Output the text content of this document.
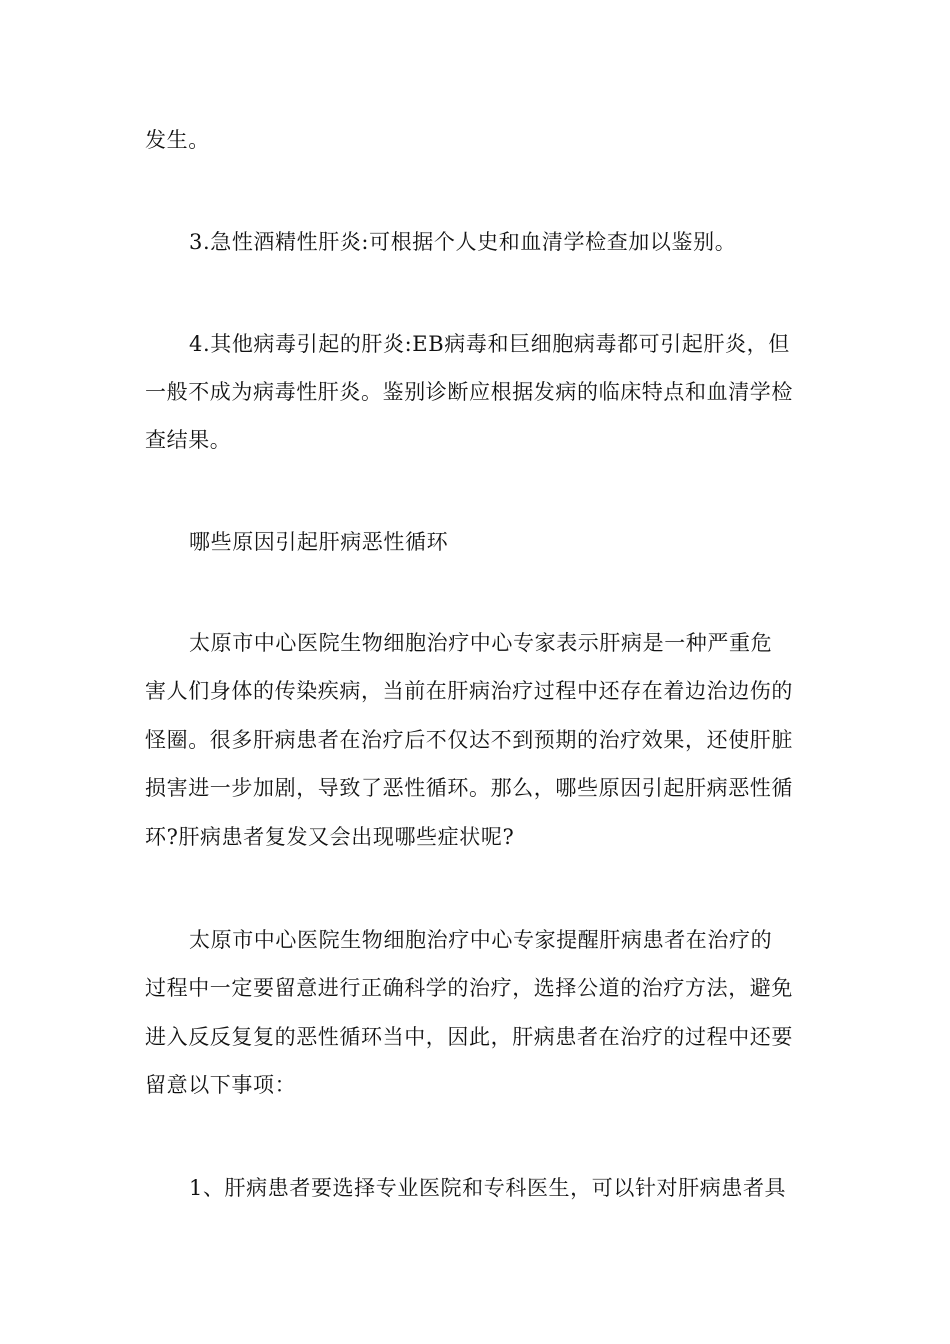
发生。
3.急性酒精性肝炎:可根据个人史和血清学检查加以鉴别。
4.其他病毒引起的肝炎:EB病毒和巨细胞病毒都可引起肝炎，但
一般不成为病毒性肝炎。鉴别诊断应根据发病的临床特点和血清学检
查结果。
哪些原因引起肝病恶性循环
太原市中心医院生物细胞治疗中心专家表示肝病是一种严重危
害人们身体的传染疾病，当前在肝病治疗过程中还存在着边治边伤的
怪圈。很多肝病患者在治疗后不仅达不到预期的治疗效果，还使肝脏
损害进一步加剧，导致了恶性循环。那么，哪些原因引起肝病恶性循
环?肝病患者复发又会出现哪些症状呢?
太原市中心医院生物细胞治疗中心专家提醒肝病患者在治疗的
过程中一定要留意进行正确科学的治疗，选择公道的治疗方法，避免
进入反反复复的恶性循环当中，因此，肝病患者在治疗的过程中还要
留意以下事项：
1、肝病患者要选择专业医院和专科医生，可以针对肝病患者具
